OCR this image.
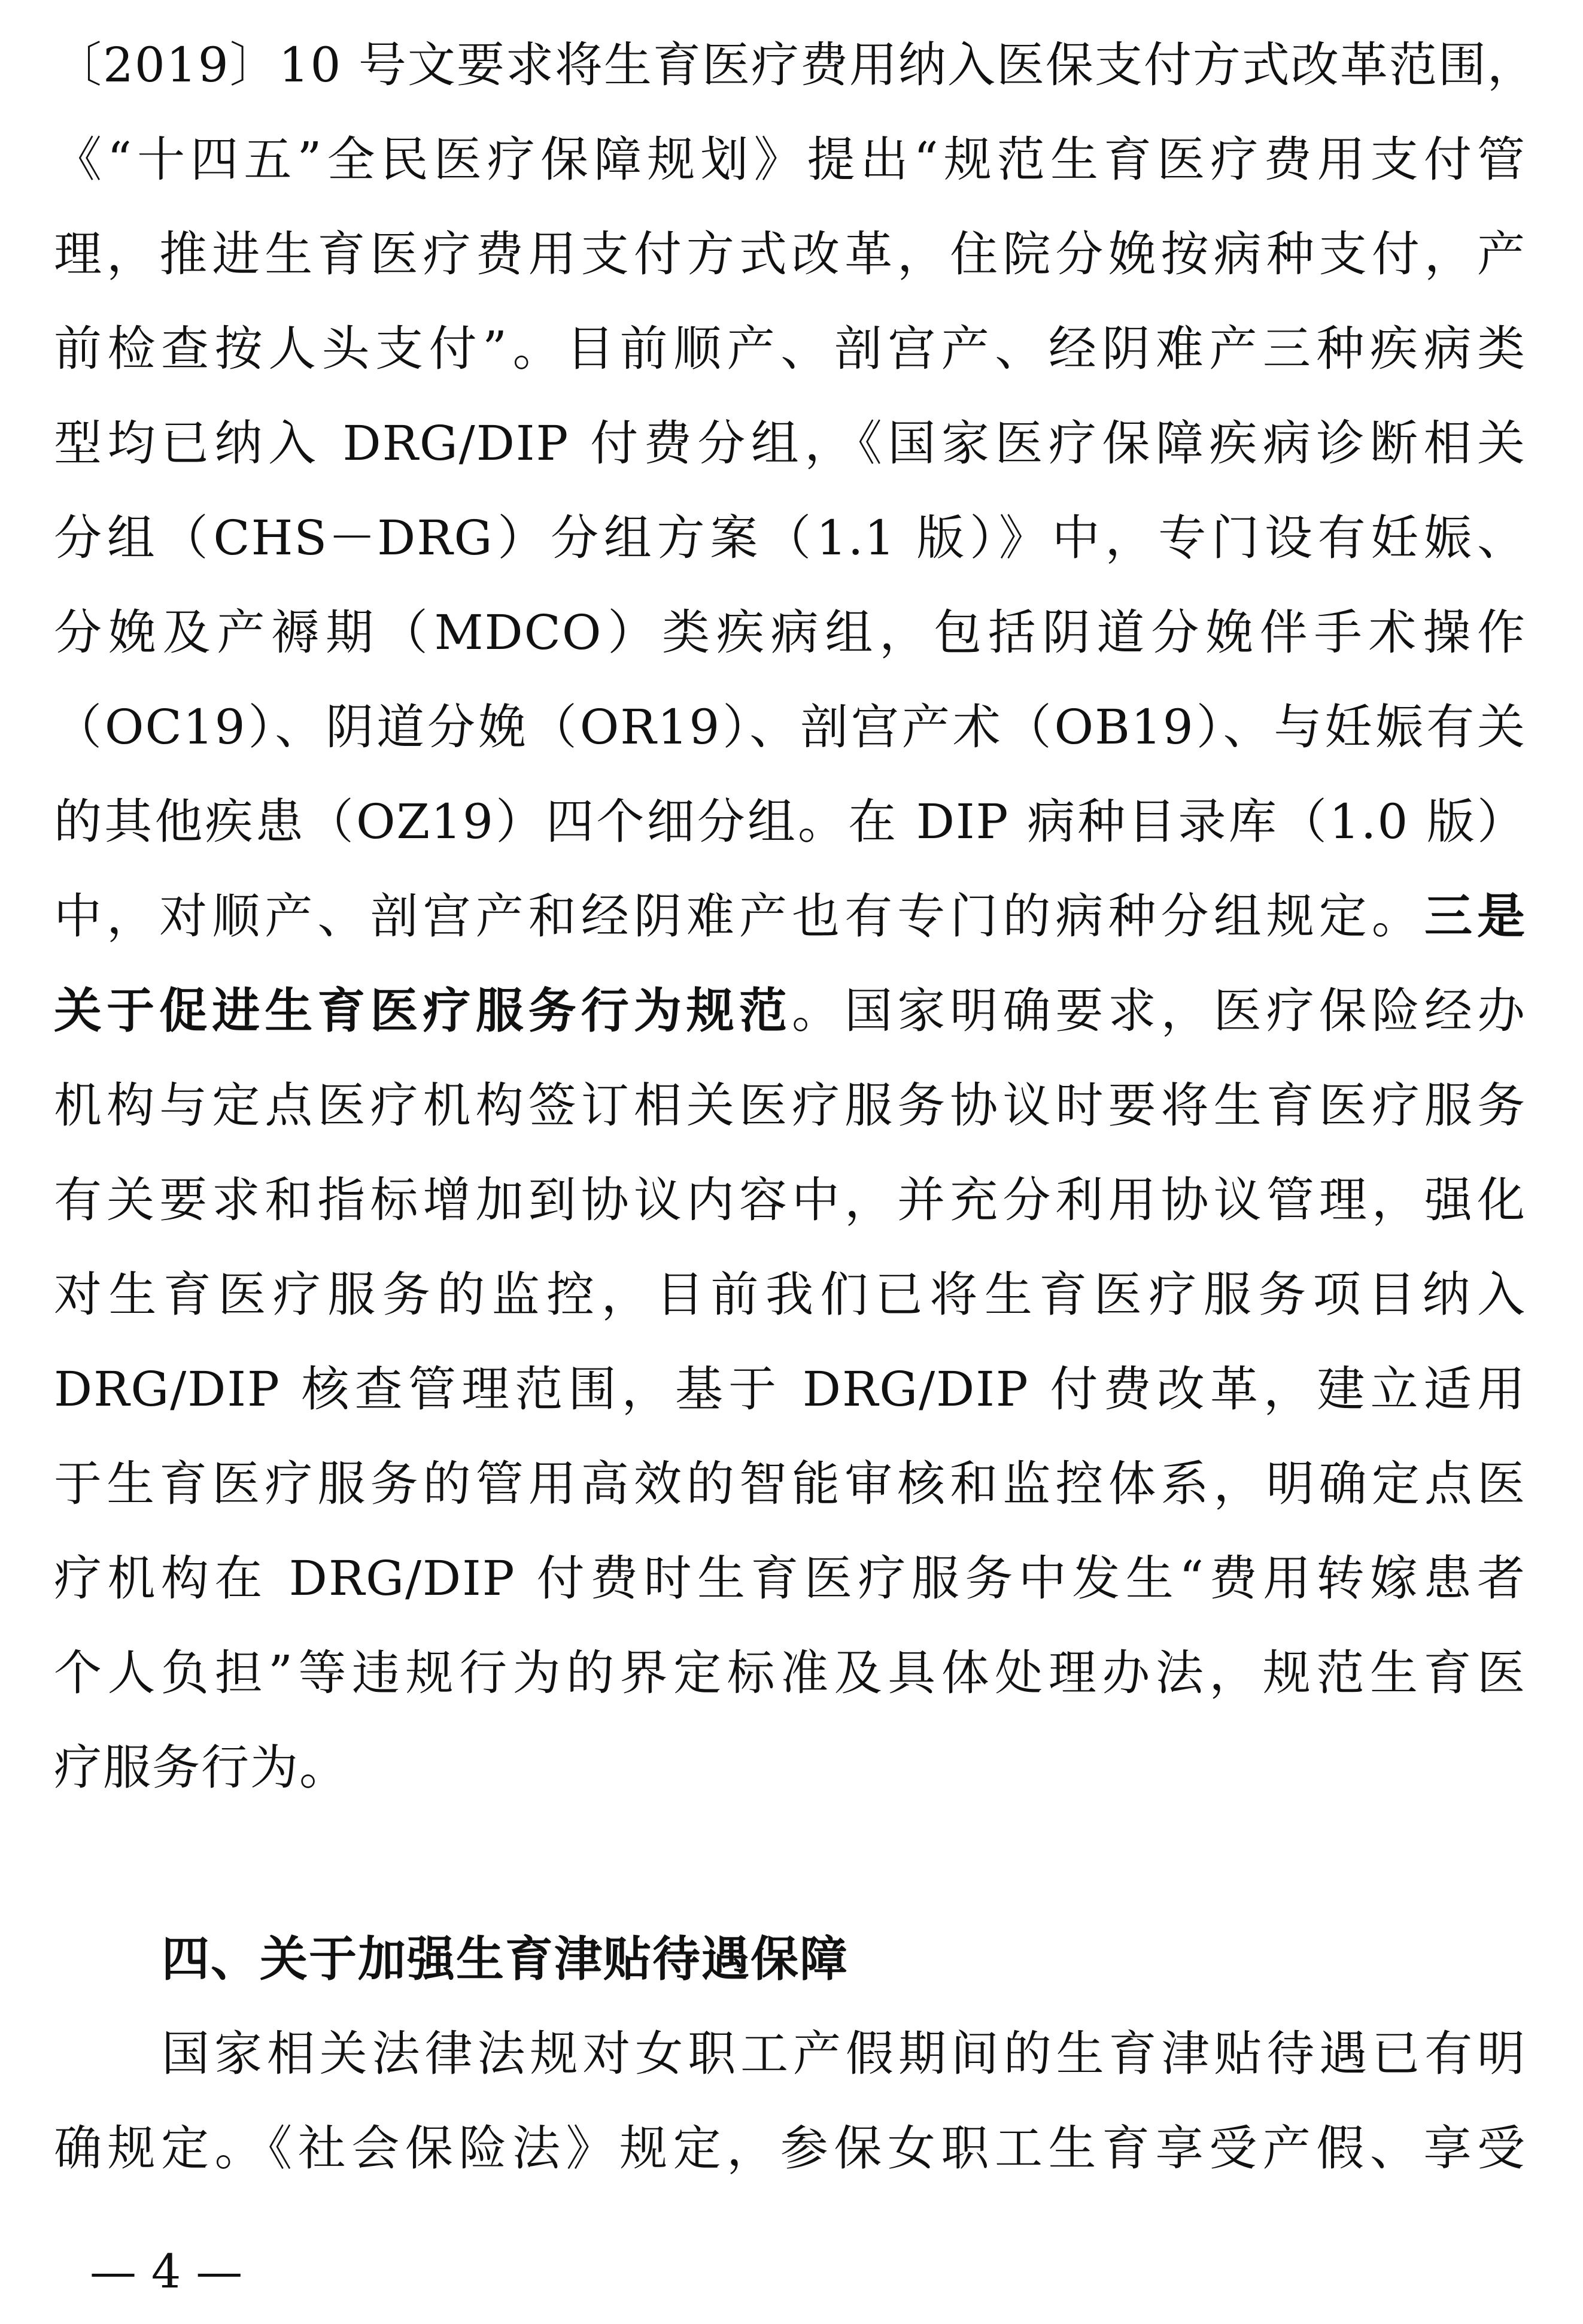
〔2019〕10 号文要求将生育医疗费用纳入医保支付方式改革范围，
《“十四五”全民医疗保障规划》提出“规范生育医疗费用支付管
理，推进生育医疗费用支付方式改革，住院分娩按病种支付，产
前检查按人头支付”。目前顺产、剖宫产、经阴难产三种疾病类
型均已纳入 DRG/DIP 付费分组，《国家医疗保障疾病诊断相关
分组（CHS－DRG）分组方案（1.1 版）》中，专门设有妊娠、
分娩及产褥期（MDCO）类疾病组，包括阴道分娩伴手术操作
（OC19）、阴道分娩（OR19）、剖宫产术（OB19）、与妊娠有关
的其他疾患（OZ19）四个细分组。在 DIP 病种目录库（1.0 版）
中，对顺产、剖宫产和经阴难产也有专门的病种分组规定。三是
关于促进生育医疗服务行为规范。国家明确要求，医疗保险经办
机构与定点医疗机构签订相关医疗服务协议时要将生育医疗服务
有关要求和指标增加到协议内容中，并充分利用协议管理，强化
对生育医疗服务的监控，目前我们已将生育医疗服务项目纳入
DRG/DIP 核查管理范围，基于 DRG/DIP 付费改革，建立适用
于生育医疗服务的管用高效的智能审核和监控体系，明确定点医
疗机构在 DRG/DIP 付费时生育医疗服务中发生“费用转嫁患者
个人负担”等违规行为的界定标准及具体处理办法，规范生育医
疗服务行为。
四、关于加强生育津贴待遇保障
国家相关法律法规对女职工产假期间的生育津贴待遇已有明
确规定。《社会保险法》规定，参保女职工生育享受产假、享受
— 4 —
